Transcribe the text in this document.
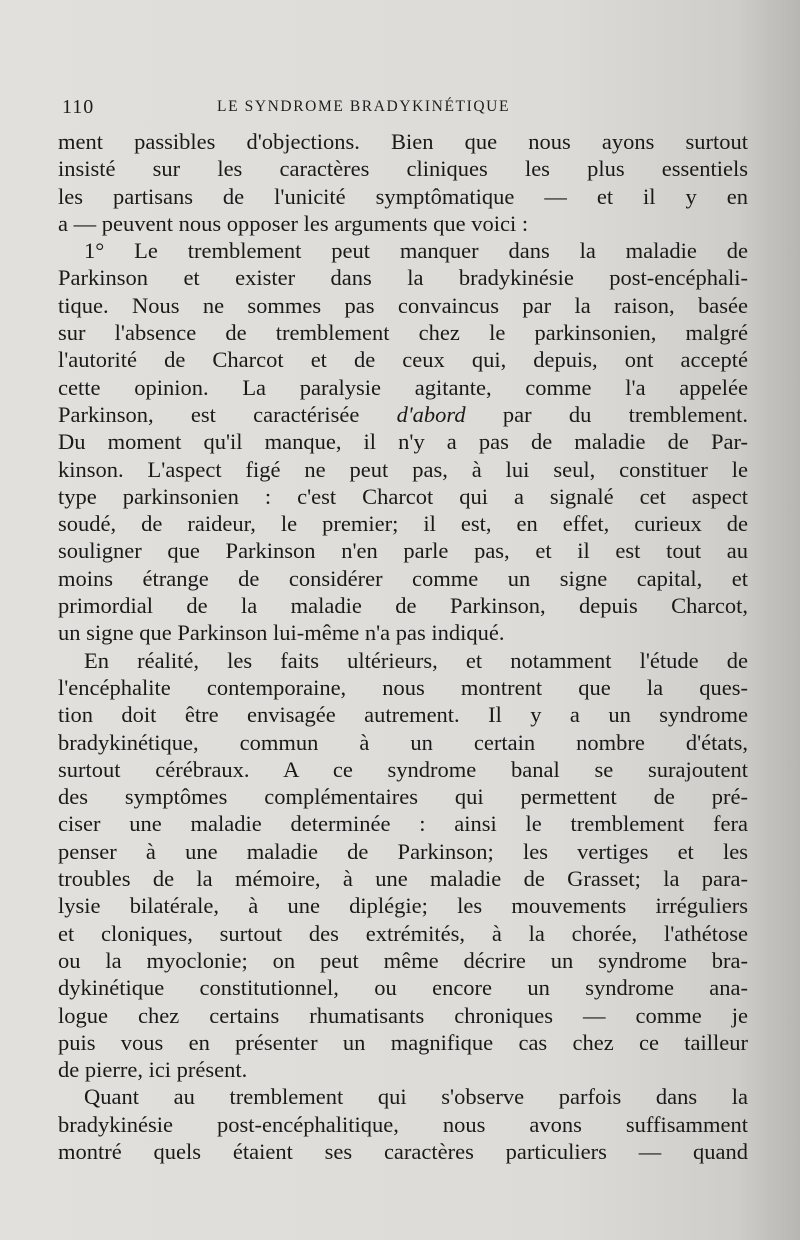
110	LE SYNDROME BRADYKINÉTIQUE
ment passibles d'objections. Bien que nous ayons surtout
insisté sur les caractères cliniques les plus essentiels
les partisans de l'unicité symptômatique — et il y en
a — peuvent nous opposer les arguments que voici :
1° Le tremblement peut manquer dans la maladie de
Parkinson et exister dans la bradykinésie post-encéphali-
tique. Nous ne sommes pas convaincus par la raison, basée
sur l'absence de tremblement chez le parkinsonien, malgré
l'autorité de Charcot et de ceux qui, depuis, ont accepté
cette opinion. La paralysie agitante, comme l'a appelée
Parkinson, est caractérisée d'abord par du tremblement.
Du moment qu'il manque, il n'y a pas de maladie de Par-
kinson. L'aspect figé ne peut pas, à lui seul, constituer le
type parkinsonien : c'est Charcot qui a signalé cet aspect
soudé, de raideur, le premier; il est, en effet, curieux de
souligner que Parkinson n'en parle pas, et il est tout au
moins étrange de considérer comme un signe capital, et
primordial de la maladie de Parkinson, depuis Charcot,
un signe que Parkinson lui-même n'a pas indiqué.
En réalité, les faits ultérieurs, et notamment l'étude de
l'encéphalite contemporaine, nous montrent que la ques-
tion doit être envisagée autrement. Il y a un syndrome
bradykinétique, commun à un certain nombre d'états,
surtout cérébraux. A ce syndrome banal se surajoutent
des symptômes complémentaires qui permettent de pré-
ciser une maladie determinée : ainsi le tremblement fera
penser à une maladie de Parkinson; les vertiges et les
troubles de la mémoire, à une maladie de Grasset; la para-
lysie bilatérale, à une diplégie; les mouvements irréguliers
et cloniques, surtout des extrémités, à la chorée, l'athétose
ou la myoclonie; on peut même décrire un syndrome bra-
dykinétique constitutionnel, ou encore un syndrome ana-
logue chez certains rhumatisants chroniques — comme je
puis vous en présenter un magnifique cas chez ce tailleur
de pierre, ici présent.
Quant au tremblement qui s'observe parfois dans la
bradykinésie post-encéphalitique, nous avons suffisamment
montré quels étaient ses caractères particuliers — quand
